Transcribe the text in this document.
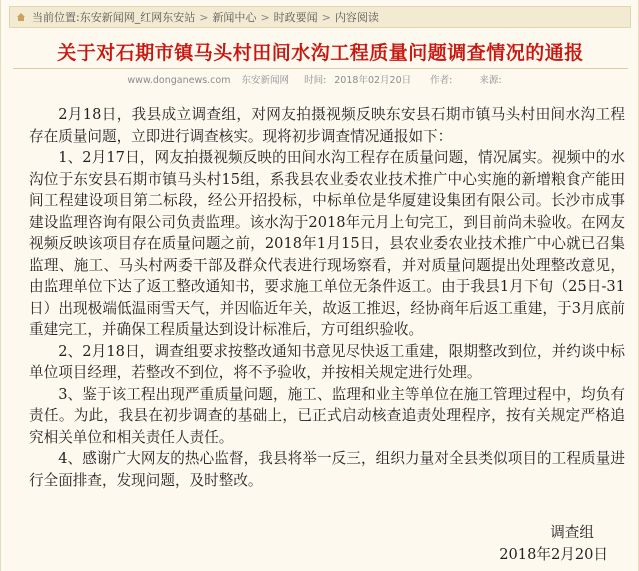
当前位置: 东安新闻网_红网东安站 > 新闻中心 > 时政要闻 > 内容阅读
关于对石期市镇马头村田间水沟工程质量问题调查情况的通报
www.donganews.com 东安新闻网 时间: 2018年02月20日 作者:	来源:

2月18日，我县成立调查组，对网友拍摄视频反映东安县石期市镇马头村田间水沟工程存在质量问题，立即进行调查核实。现将初步调查情况通报如下：

1、2月17日，网友拍摄视频反映的田间水沟工程存在质量问题，情况属实。视频中的水沟位于东安县石期市镇马头村15组，系我县农业委农业技术推广中心实施的新增粮食产能田间工程建设项目第二标段，经公开招投标，中标单位是华厦建设集团有限公司。长沙市成事建设监理咨询有限公司负责监理。该水沟于2018年元月上旬完工，到目前尚未验收。在网友视频反映该项目存在质量问题之前，2018年1月15日，县农业委农业技术推广中心就已召集监理、施工、马头村两委干部及群众代表进行现场察看，并对质量问题提出处理整改意见，由监理单位下达了返工整改通知书，要求施工单位无条件返工。由于我县1月下旬（25日-31日）出现极端低温雨雪天气，并因临近年关，故返工推迟，经协商年后返工重建，于3月底前重建完工，并确保工程质量达到设计标准后，方可组织验收。

2、2月18日，调查组要求按整改通知书意见尽快返工重建，限期整改到位，并约谈中标单位项目经理，若整改不到位，将不予验收，并按相关规定进行处理。

3、鉴于该工程出现严重质量问题，施工、监理和业主等单位在施工管理过程中，均负有责任。为此，我县在初步调查的基础上，已正式启动核查追责处理程序，按有关规定严格追究相关单位和相关责任人责任。

4、感谢广大网友的热心监督，我县将举一反三，组织力量对全县类似项目的工程质量进行全面排查，发现问题，及时整改。

调查组
2018年2月20日
